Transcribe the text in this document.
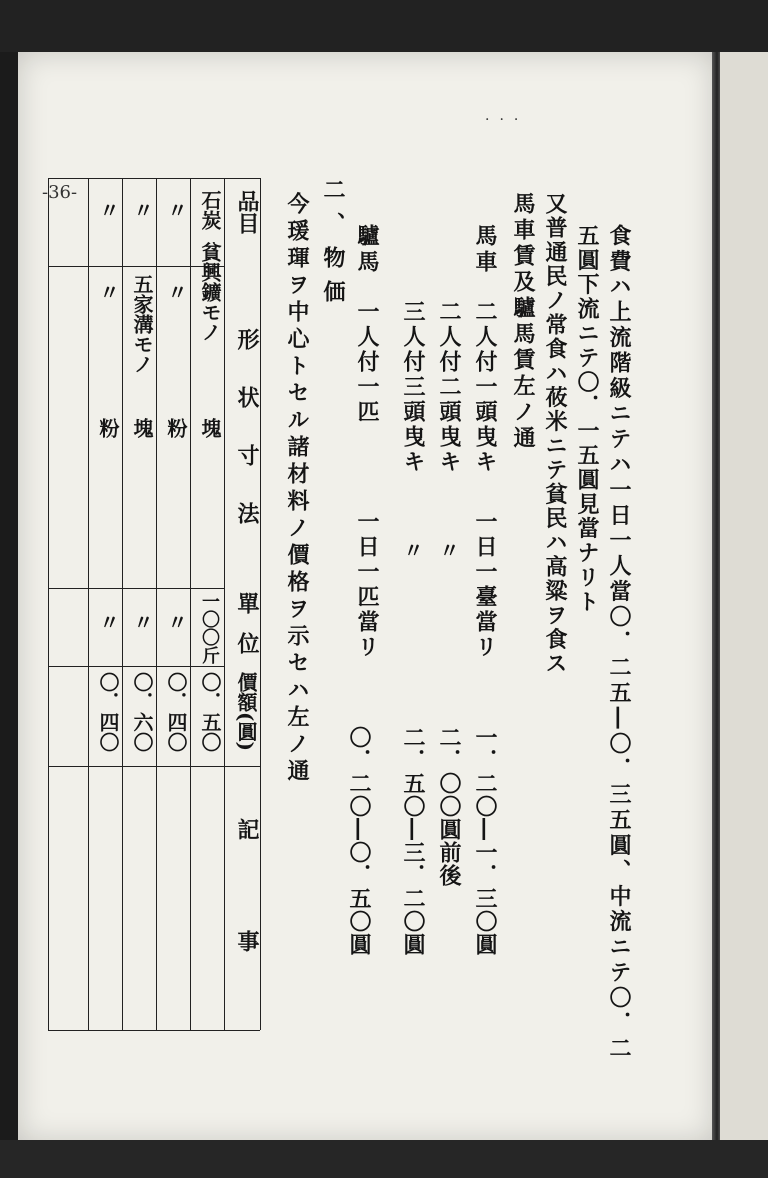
···
-36-
食費ハ上流階級ニテハ一日一人當〇．二五―〇．三五圓、中流ニテ〇．二
五圓下流ニテ〇．一五圓見當ナリト
又普通民ノ常食ハ莜米ニテ貧民ハ高粱ヲ食ス
馬車賃及驢馬賃左ノ通
馬車
二人付一頭曳キ
一日一臺當リ
一．二〇―一．三〇圓
二人付二頭曳キ
〃
二．〇〇圓前後
三人付三頭曳キ
〃
二．五〇―三．二〇圓
驢馬
一人付一匹
一日一匹當リ
〇．二〇―〇．五〇圓
二、物価
今瑗琿ヲ中心トセル諸材料ノ價格ヲ示セハ左ノ通
品目
形状寸法
單位
價額(圓)
記事
石炭
貧興鑛モノ
塊
一〇〇斤
〇．五〇
〃
〃
粉
〃
〇．四〇
〃
五家溝モノ
塊
〃
〇．六〇
〃
〃
粉
〃
〇．四〇
